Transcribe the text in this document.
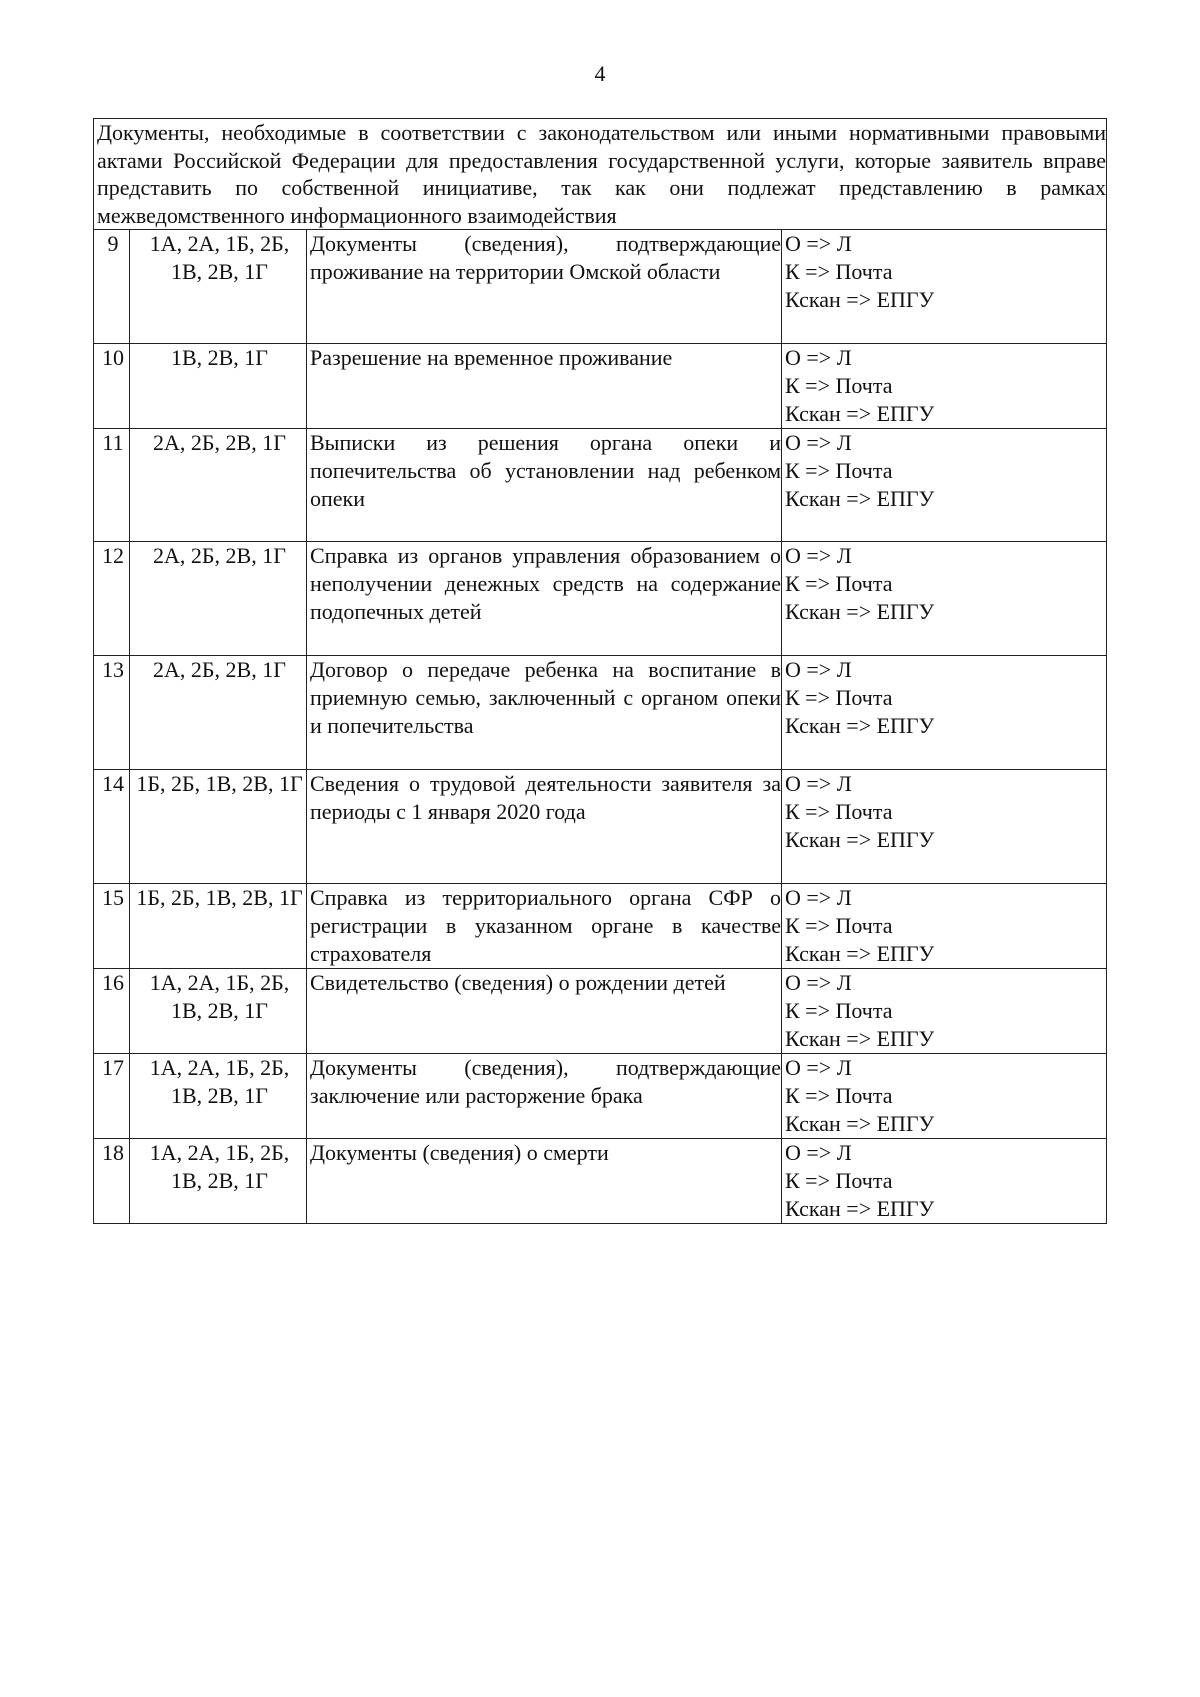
4
Документы, необходимые в соответствии с законодательством или иными нормативными правовыми актами Российской Федерации для предоставления государственной услуги, которые заявитель вправе представить по собственной инициативе, так как они подлежат представлению в рамках межведомственного информационного взаимодействия			
9	1А, 2А, 1Б, 2Б, 1В, 2В, 1Г	Документы (сведения), подтверждающие проживание на территории Омской области	О => Л
К => Почта
Кскан => ЕПГУ

10	1В, 2В, 1Г	Разрешение на временное проживание	О => Л
К => Почта
Кскан => ЕПГУ

11	2А, 2Б, 2В, 1Г	Выписки из решения органа опеки и попечительства об установлении над ребенком опеки	О => Л
К => Почта
Кскан => ЕПГУ

12	2А, 2Б, 2В, 1Г	Справка из органов управления образованием о неполучении денежных средств на содержание подопечных детей	О => Л
К => Почта
Кскан => ЕПГУ

13	2А, 2Б, 2В, 1Г	Договор о передаче ребенка на воспитание в приемную семью, заключенный с органом опеки и попечительства	О => Л
К => Почта
Кскан => ЕПГУ

14	1Б, 2Б, 1В, 2В, 1Г	Сведения о трудовой деятельности заявителя за периоды с 1 января 2020 года	О => Л
К => Почта
Кскан => ЕПГУ

15	1Б, 2Б, 1В, 2В, 1Г	Справка из территориального органа СФР о регистрации в указанном органе в качестве страхователя	О => Л
К => Почта
Кскан => ЕПГУ

16	1А, 2А, 1Б, 2Б, 1В, 2В, 1Г	Свидетельство (сведения) о рождении детей	О => Л
К => Почта
Кскан => ЕПГУ

17	1А, 2А, 1Б, 2Б, 1В, 2В, 1Г	Документы (сведения), подтверждающие заключение или расторжение брака	О => Л
К => Почта
Кскан => ЕПГУ

18	1А, 2А, 1Б, 2Б, 1В, 2В, 1Г	Документы (сведения) о смерти	О => Л
К => Почта
Кскан => ЕПГУ
